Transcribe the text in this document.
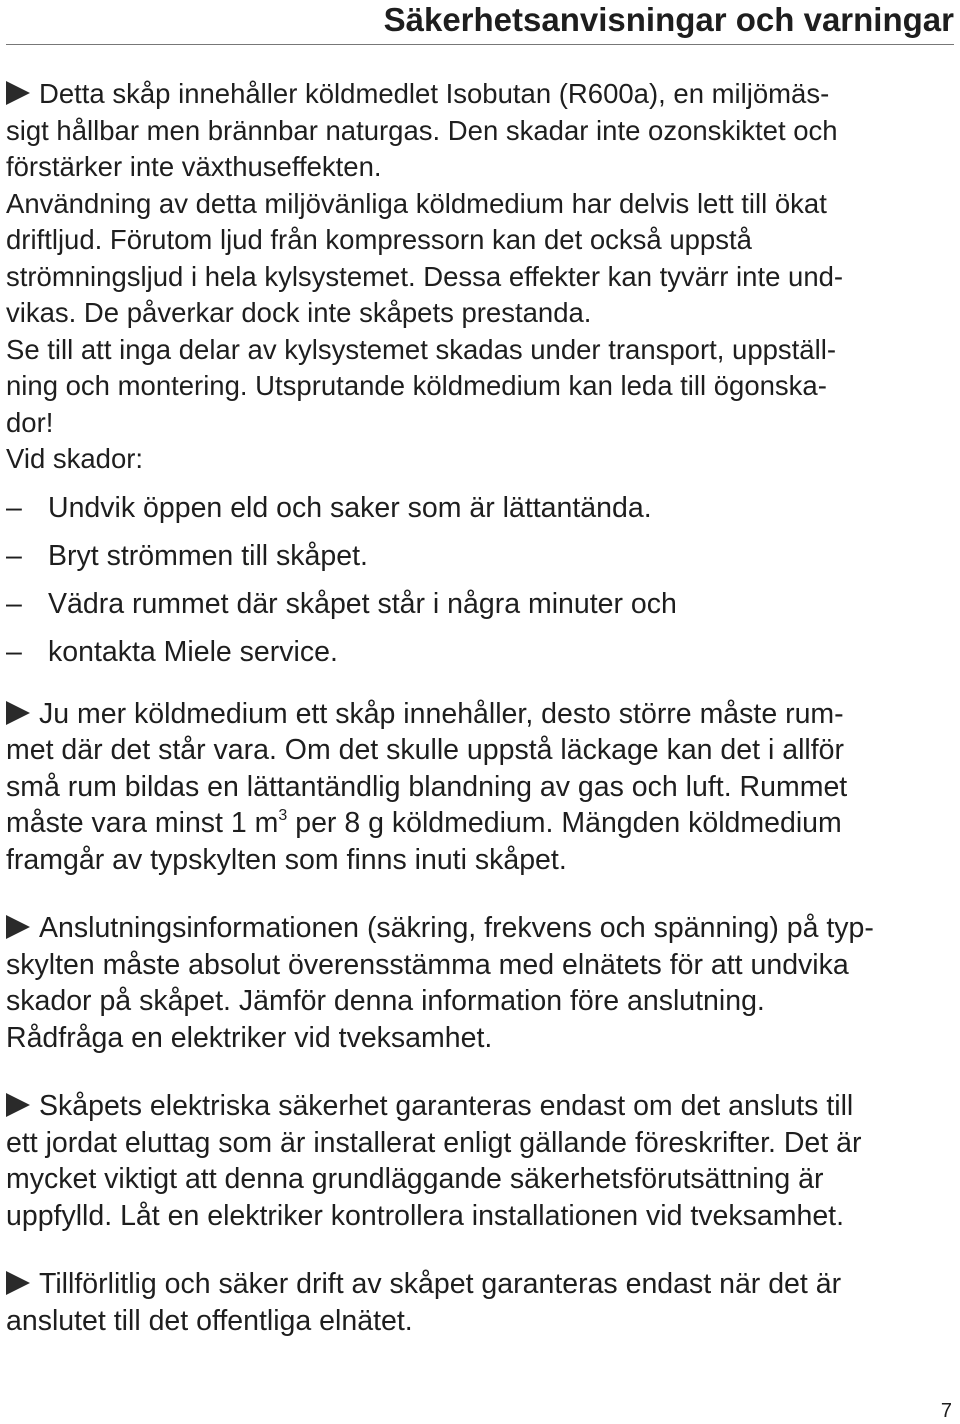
Säkerhetsanvisningar och varningar
Detta skåp innehåller köldmedlet Isobutan (R600a), en miljömäs-
sigt hållbar men brännbar naturgas. Den skadar inte ozonskiktet och
förstärker inte växthuseffekten.
Användning av detta miljövänliga köldmedium har delvis lett till ökat
driftljud. Förutom ljud från kompressorn kan det också uppstå
strömningsljud i hela kylsystemet. Dessa effekter kan tyvärr inte und-
vikas. De påverkar dock inte skåpets prestanda.
Se till att inga delar av kylsystemet skadas under transport, uppställ-
ning och montering. Utsprutande köldmedium kan leda till ögonska-
dor!
Vid skador:
– Undvik öppen eld och saker som är lättantända.
– Bryt strömmen till skåpet.
– Vädra rummet där skåpet står i några minuter och
– kontakta Miele service.
Ju mer köldmedium ett skåp innehåller, desto större måste rum-
met där det står vara. Om det skulle uppstå läckage kan det i allför
små rum bildas en lättantändlig blandning av gas och luft. Rummet
måste vara minst 1 $m^3$ per 8 g köldmedium. Mängden köldmedium
framgår av typskylten som finns inuti skåpet.
Anslutningsinformationen (säkring, frekvens och spänning) på typ-
skylten måste absolut överensstämma med elnätets för att undvika
skador på skåpet. Jämför denna information före anslutning.
Rådfråga en elektriker vid tveksamhet.
Skåpets elektriska säkerhet garanteras endast om det ansluts till
ett jordat eluttag som är installerat enligt gällande föreskrifter. Det är
mycket viktigt att denna grundläggande säkerhetsförutsättning är
uppfylld. Låt en elektriker kontrollera installationen vid tveksamhet.
Tillförlitlig och säker drift av skåpet garanteras endast när det är
anslutet till det offentliga elnätet.
7
